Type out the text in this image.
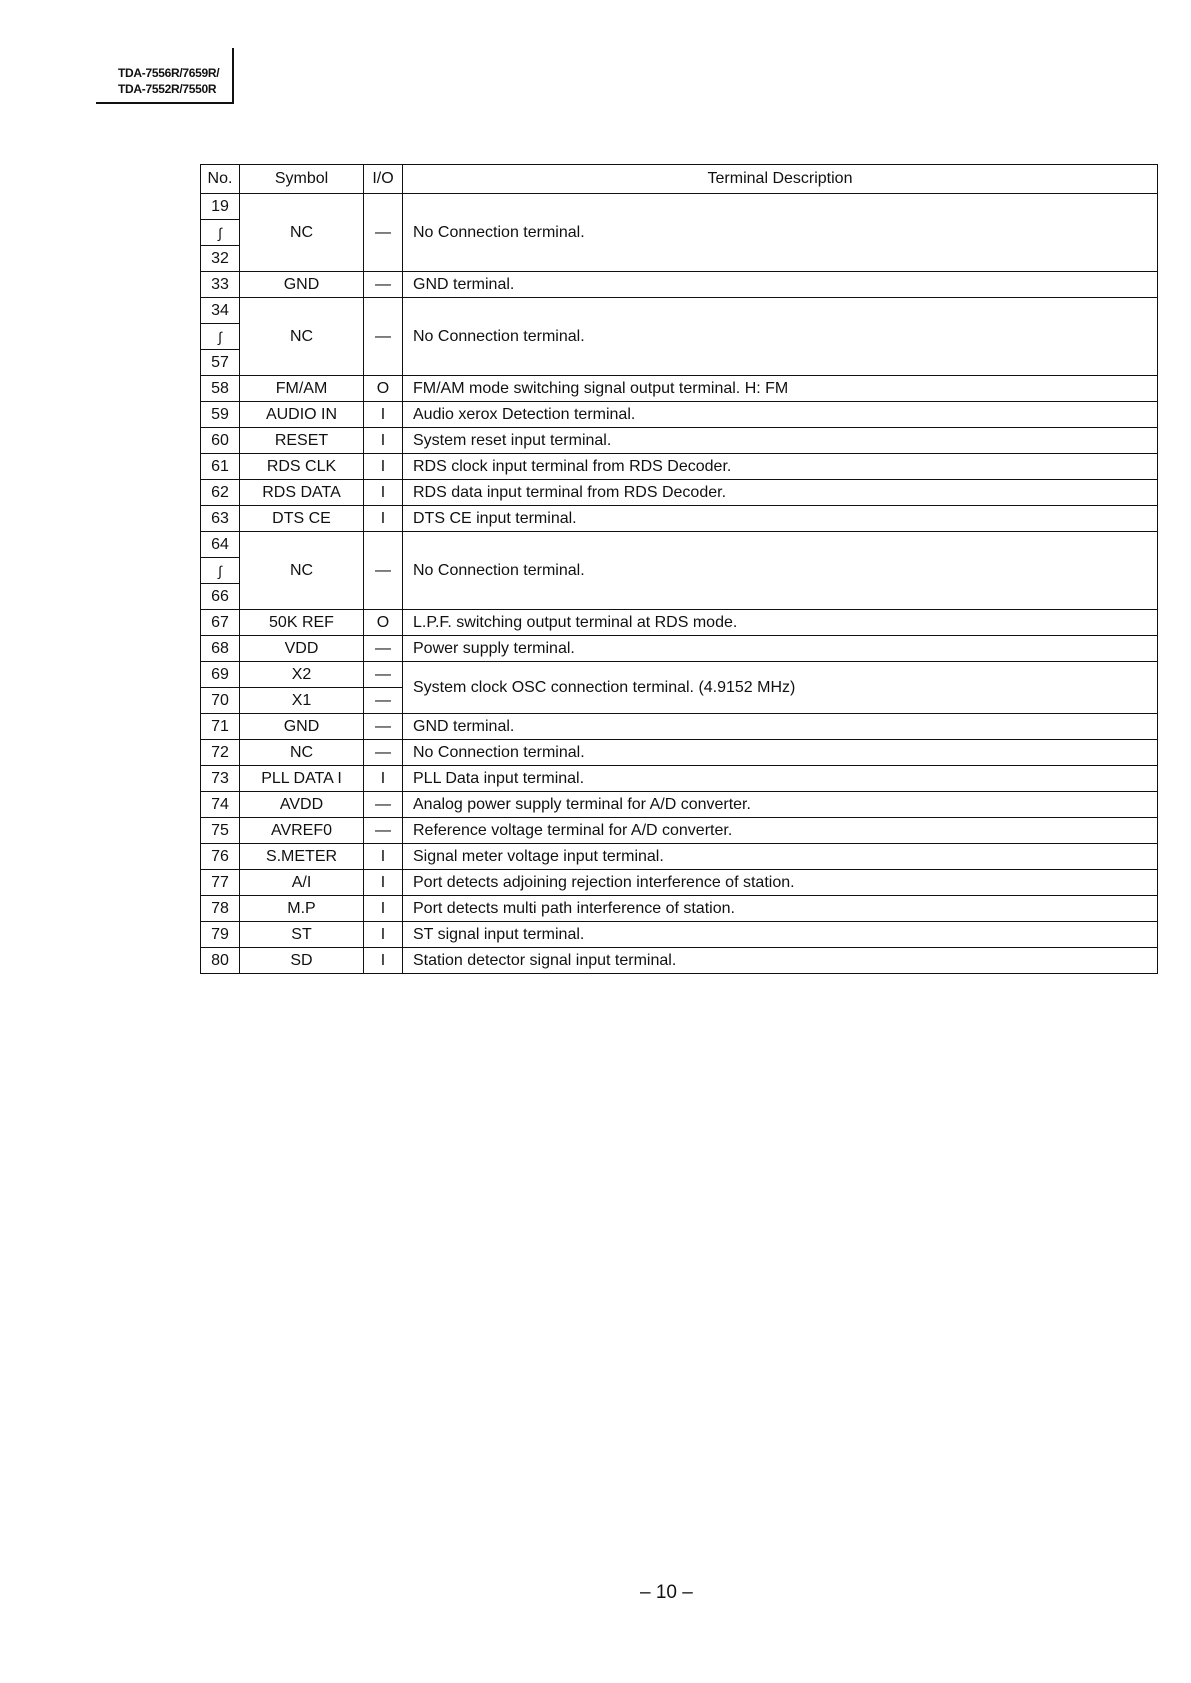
TDA-7556R/7659R/
TDA-7552R/7550R
No.	Symbol	I/O	Terminal Description
19	NC	—	No Connection terminal.
∫			
32			
33	GND	—	GND terminal.
34	NC	—	No Connection terminal.
∫			
57			
58	FM/AM	O	FM/AM mode switching signal output terminal. H: FM
59	AUDIO IN	I	Audio xerox Detection terminal.
60	RESET	I	System reset input terminal.
61	RDS CLK	I	RDS clock input terminal from RDS Decoder.
62	RDS DATA	I	RDS data input terminal from RDS Decoder.
63	DTS CE	I	DTS CE input terminal.
64	NC	—	No Connection terminal.
∫			
66			
67	50K REF	O	L.P.F. switching output terminal at RDS mode.
68	VDD	—	Power supply terminal.
69	X2	—	System clock OSC connection terminal. (4.9152 MHz)
70	X1	—	
71	GND	—	GND terminal.
72	NC	—	No Connection terminal.
73	PLL DATA I	I	PLL Data input terminal.
74	AVDD	—	Analog power supply terminal for A/D converter.
75	AVREF0	—	Reference voltage terminal for A/D converter.
76	S.METER	I	Signal meter voltage input terminal.
77	A/I	I	Port detects adjoining rejection interference of station.
78	M.P	I	Port detects multi path interference of station.
79	ST	I	ST signal input terminal.
80	SD	I	Station detector signal input terminal.
– 10 –
